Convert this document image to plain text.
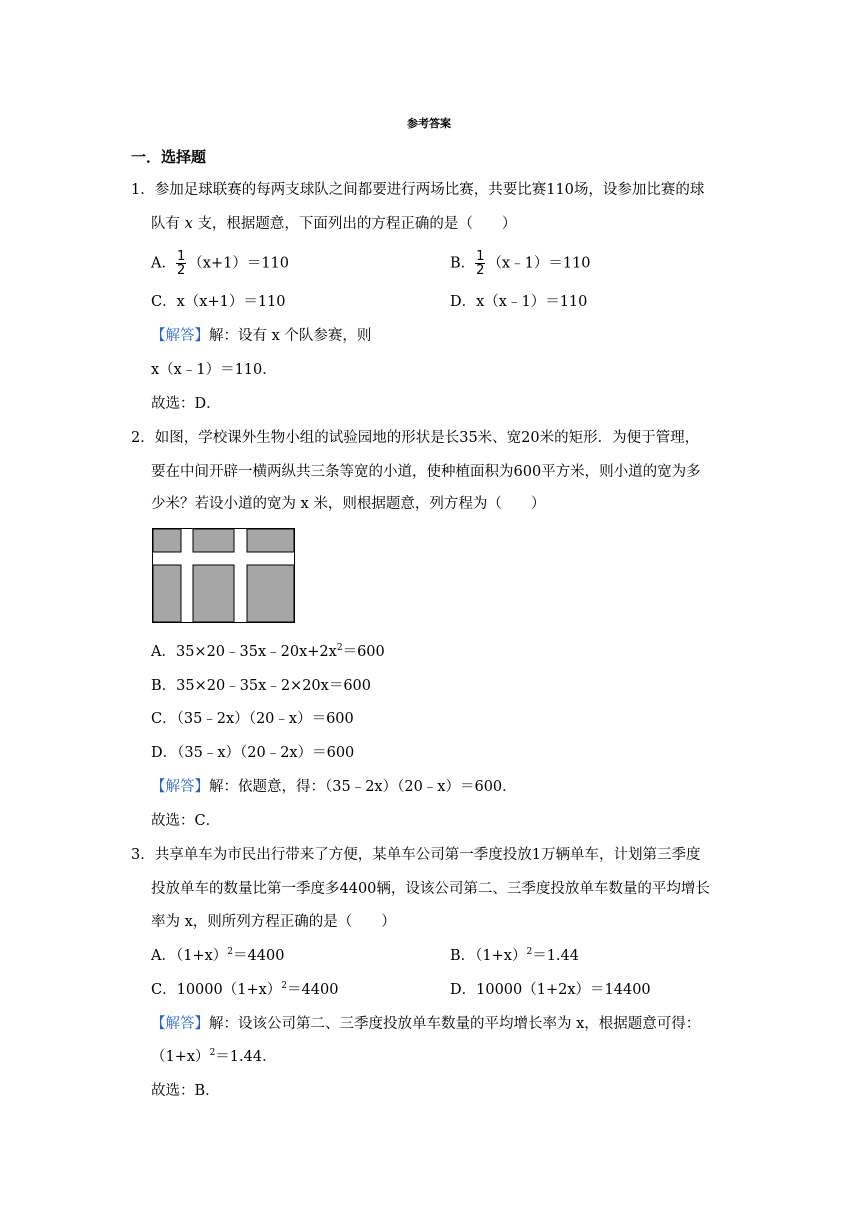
参考答案
一．选择题
1．参加足球联赛的每两支球队之间都要进行两场比赛，共要比赛110场，设参加比赛的球
队有 x 支，根据题意，下面列出的方程正确的是（　　）
A． $\frac{1}{2} (x+1)=110$	B． $\frac{1}{2}$ （x﹣1）＝110
C．x（x+1）＝110	D．x（x﹣1）＝110
【解答】解：设有 x 个队参赛，则
x（x﹣1）＝110．
故选：D．
2．如图，学校课外生物小组的试验园地的形状是长35米、宽20米的矩形．为便于管理，
要在中间开辟一横两纵共三条等宽的小道，使种植面积为600平方米，则小道的宽为多
少米？若设小道的宽为 x 米，则根据题意，列方程为（　　）
A．$35\times 20﹣35x﹣20x+2x^2=600$
B．35×20﹣35x﹣2×20x＝600
C．（35﹣2x）（20﹣x）＝600
D．（35﹣x）（20﹣2x）＝600
【解答】解：依题意，得：（35﹣2x）（20﹣x）＝600．
故选：C．
3．共享单车为市民出行带来了方便，某单车公司第一季度投放1万辆单车，计划第三季度
投放单车的数量比第一季度多4400辆，设该公司第二、三季度投放单车数量的平均增长
率为 x，则所列方程正确的是（　　）
A．$(1+x)^2=4400$	B．$(1+x)^2=1.44$
C．$10000(1+x)^2=4400$	D．10000（1+2x）＝14400
【解答】解：设该公司第二、三季度投放单车数量的平均增长率为 x，根据题意可得：
$(1+x)^2=1.44$．
故选：B．
